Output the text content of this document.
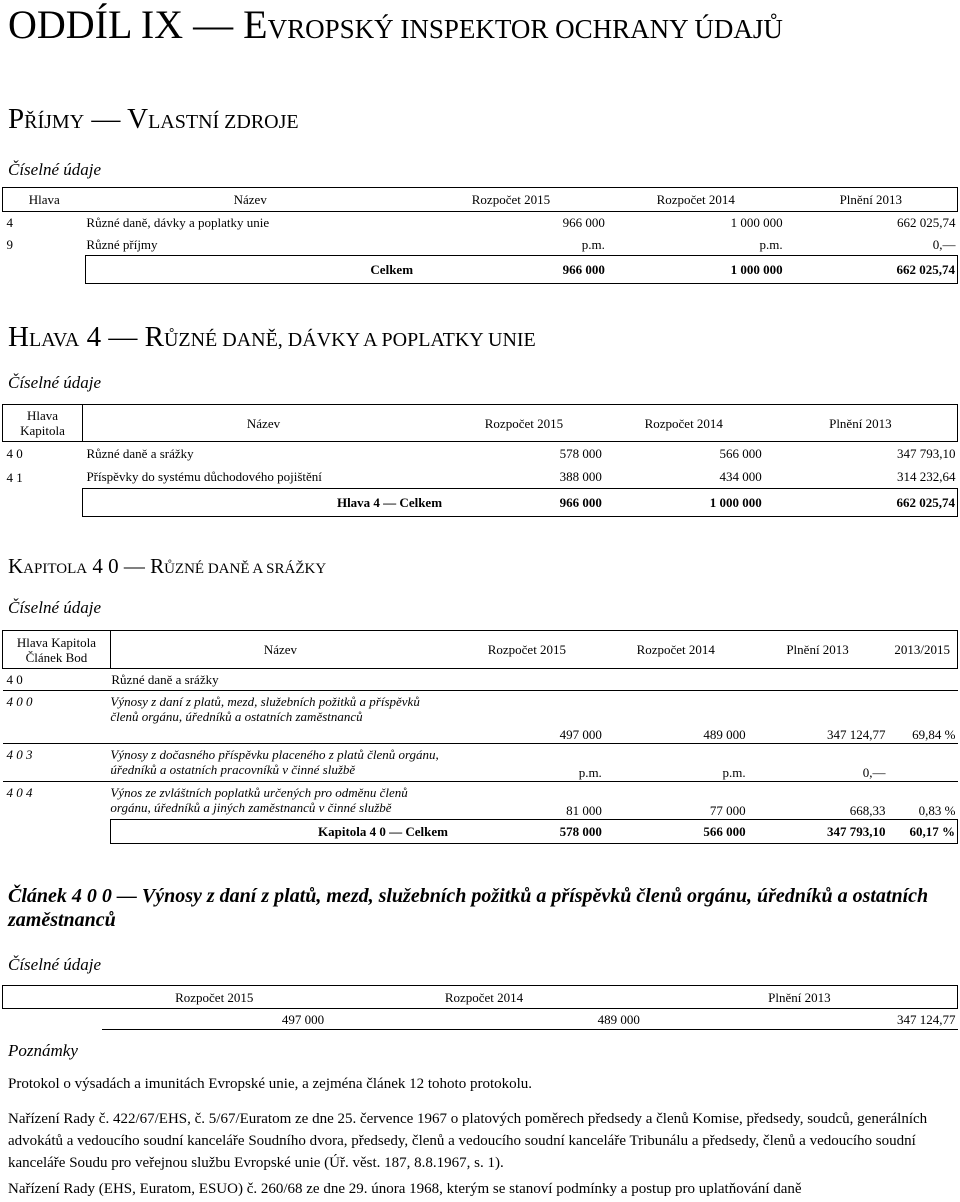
ODDÍL IX — EVROPSKÝ INSPEKTOR OCHRANY ÚDAJŮ
PŘÍJMY — VLASTNÍ ZDROJE
Číselné údaje
Hlava	Název	Rozpočet 2015	Rozpočet 2014	Plnění 2013
4	Různé daně, dávky a poplatky unie	966 000	1 000 000	662 025,74
9	Různé příjmy	p.m.	p.m.	0,—
	Celkem	966 000	1 000 000	662 025,74
HLAVA 4 — RŮZNÉ DANĚ, DÁVKY A POPLATKY UNIE
Číselné údaje
Hlava
Kapitola	Název	Rozpočet 2015	Rozpočet 2014	Plnění 2013
4 0	Různé daně a srážky	578 000	566 000	347 793,10
4 1	Příspěvky do systému důchodového pojištění	388 000	434 000	314 232,64
	Hlava 4 — Celkem	966 000	1 000 000	662 025,74
KAPITOLA 4 0 — RŮZNÉ DANĚ A SRÁŽKY
Číselné údaje
Hlava Kapitola
Článek Bod	Název	Rozpočet 2015	Rozpočet 2014	Plnění 2013	2013/2015
4 0	Různé daně a srážky				
4 0 0	Výnosy z daní z platů, mezd, služebních požitků a příspěvků členů orgánu, úředníků a ostatních zaměstnanců	497 000	489 000	347 124,77	69,84 %
4 0 3	Výnosy z dočasného příspěvku placeného z platů členů orgánu, úředníků a ostatních pracovníků v činné službě	p.m.	p.m.	0,—	
4 0 4	Výnos ze zvláštních poplatků určených pro odměnu členů orgánu, úředníků a jiných zaměstnanců v činné službě	81 000	77 000	668,33	0,83 %
	Kapitola 4 0 — Celkem	578 000	566 000	347 793,10	60,17 %
Článek 4 0 0 — Výnosy z daní z platů, mezd, služebních požitků a příspěvků členů orgánu, úředníků a ostatních zaměstnanců
Číselné údaje
	Rozpočet 2015	Rozpočet 2014	Plnění 2013
	497 000	489 000	347 124,77
Poznámky
Protokol o výsadách a imunitách Evropské unie, a zejména článek 12 tohoto protokolu.
Nařízení Rady č. 422/67/EHS, č. 5/67/Euratom ze dne 25. července 1967 o platových poměrech předsedy a členů Komise, předsedy, soudců, generálních advokátů a vedoucího soudní kanceláře Soudního dvora, předsedy, členů a vedoucího soudní kanceláře Tribunálu a předsedy, členů a vedoucího soudní kanceláře Soudu pro veřejnou službu Evropské unie (Úř. věst. 187, 8.8.1967, s. 1).
Nařízení Rady (EHS, Euratom, ESUO) č. 260/68 ze dne 29. února 1968, kterým se stanoví podmínky a postup pro uplatňování daně
